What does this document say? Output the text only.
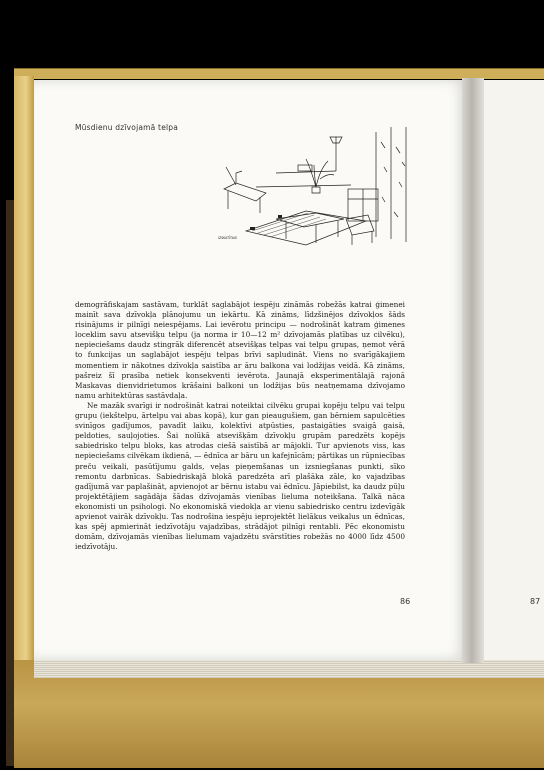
Mūsdienu dzīvojamā telpa
IZSKATĪTAIS

demogrāfiskajam sastāvam, turklāt saglabājot iespēju zināmās robežās katrai ģimenei mainīt sava dzīvokļa plānojumu un iekārtu. Kā zināms, līdzšinējos dzīvokļos šāds risinājums ir pilnīgi neiespējams. Lai ievērotu principu — nodrošināt katram ģimenes loceklim savu atsevišķu telpu (ja norma ir 10—12 m² dzīvojamās platības uz cilvēku), nepieciešams daudz stingrāk diferencēt atsevišķas telpas vai telpu grupas, ņemot vērā to funkcijas un saglabājot iespēju telpas brīvi sapludināt. Viens no svarīgākajiem momentiem ir nākotnes dzīvokļa saistība ar āru balkona vai lodžijas veidā. Kā zināms, pašreiz šī prasība netiek konsekventi ievērota. Jaunajā eksperimentālajā rajonā Maskavas dienvidrietumos krāšaini balkoni un lodžijas būs neatņemama dzīvojamo namu arhitektūras sastāvdaļa.

Ne mazāk svarīgi ir nodrošināt katrai noteiktai cilvēku grupai kopēju telpu vai telpu grupu (iekštelpu, ārtelpu vai abas kopā), kur gan pieaugušiem, gan bērniem sapulcēties svinīgos gadījumos, pavadīt laiku, kolektīvi atpūsties, pastaigāties svaigā gaisā, peldoties, sauļojoties. Šai nolūkā atsevišķām dzīvokļu grupām paredzēts kopējs sabiedrisko telpu bloks, kas atrodas ciešā saistībā ar mājokli. Tur apvienots viss, kas nepieciešams cilvēkam ikdienā, — ēdnīca ar bāru un kafejnīcām; pārtikas un rūpniecības preču veikali, pasūtījumu galds, veļas pieņemšanas un izsniegšanas punkti, sīko remontu darbnīcas. Sabiedriskajā blokā paredzēta arī plašāka zāle, ko vajadzības gadījumā var paplašināt, apvienojot ar bērnu istabu vai ēdnīcu. Jāpiebilst, ka daudz pūļu projektētājiem sagādāja šādas dzīvojamās vienības lieluma noteikšana. Talkā nāca ekonomisti un psihologi. No ekonomiskā viedokļa ar vienu sabiedrisko centru izdevīgāk apvienot vairāk dzīvokļu. Tas nodrošina iespēju ieprojektēt lielākus veikalus un ēdnīcas, kas spēj apmierināt iedzīvotāju vajadzības, strādājot pilnīgi rentabli. Pēc ekonomistu domām, dzīvojamās vienības lielumam vajadzētu svārstīties robežās no 4000 līdz 4500 iedzīvotāju.

86	87
